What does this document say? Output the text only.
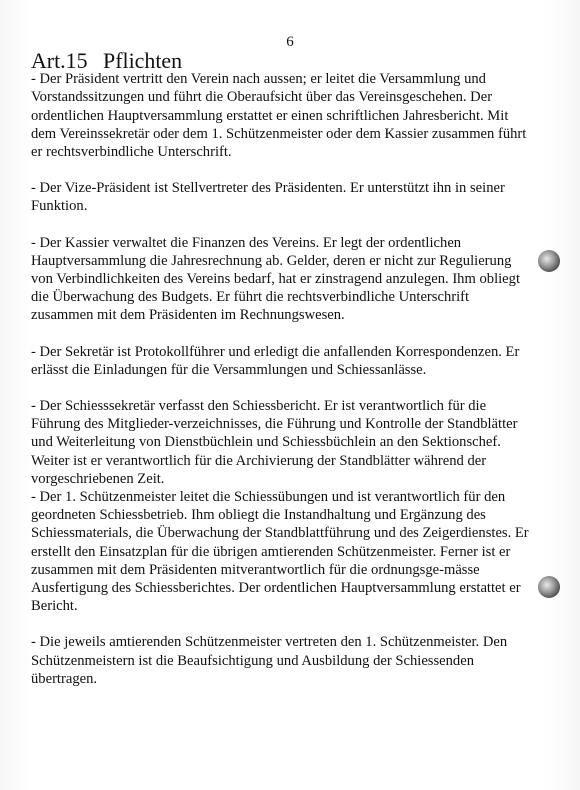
6
Art.15 Pflichten

- Der Präsident vertritt den Verein nach aussen; er leitet die Versammlung und Vorstandssitzungen und führt die Oberaufsicht über das Vereinsgeschehen. Der ordentlichen Hauptversammlung erstattet er einen schriftlichen Jahresbericht. Mit dem Vereinssekretär oder dem 1. Schützenmeister oder dem Kassier zusammen führt er rechtsverbindliche Unterschrift.

- Der Vize-Präsident ist Stellvertreter des Präsidenten. Er unterstützt ihn in seiner Funktion.

- Der Kassier verwaltet die Finanzen des Vereins. Er legt der ordentlichen Hauptversammlung die Jahresrechnung ab. Gelder, deren er nicht zur Regulierung von Verbindlichkeiten des Vereins bedarf, hat er zinstragend anzulegen. Ihm obliegt die Überwachung des Budgets. Er führt die rechtsverbindliche Unterschrift zusammen mit dem Präsidenten im Rechnungswesen.

- Der Sekretär ist Protokollführer und erledigt die anfallenden Korrespondenzen. Er erlässt die Einladungen für die Versammlungen und Schiessanlässe.

- Der Schiesssekretär verfasst den Schiessbericht. Er ist verantwortlich für die Führung des Mitglieder-verzeichnisses, die Führung und Kontrolle der Standblätter und Weiterleitung von Dienstbüchlein und Schiessbüchlein an den Sektionschef. Weiter ist er verantwortlich für die Archivierung der Standblätter während der vorgeschriebenen Zeit.

- Der 1. Schützenmeister leitet die Schiessübungen und ist verantwortlich für den geordneten Schiessbetrieb. Ihm obliegt die Instandhaltung und Ergänzung des Schiessmaterials, die Überwachung der Standblattführung und des Zeigerdienstes. Er erstellt den Einsatzplan für die übrigen amtierenden Schützenmeister. Ferner ist er zusammen mit dem Präsidenten mitverantwortlich für die ordnungsge-mässe Ausfertigung des Schiessberichtes. Der ordentlichen Hauptversammlung erstattet er Bericht.

- Die jeweils amtierenden Schützenmeister vertreten den 1. Schützenmeister. Den Schützenmeistern ist die Beaufsichtigung und Ausbildung der Schiessenden übertragen.
